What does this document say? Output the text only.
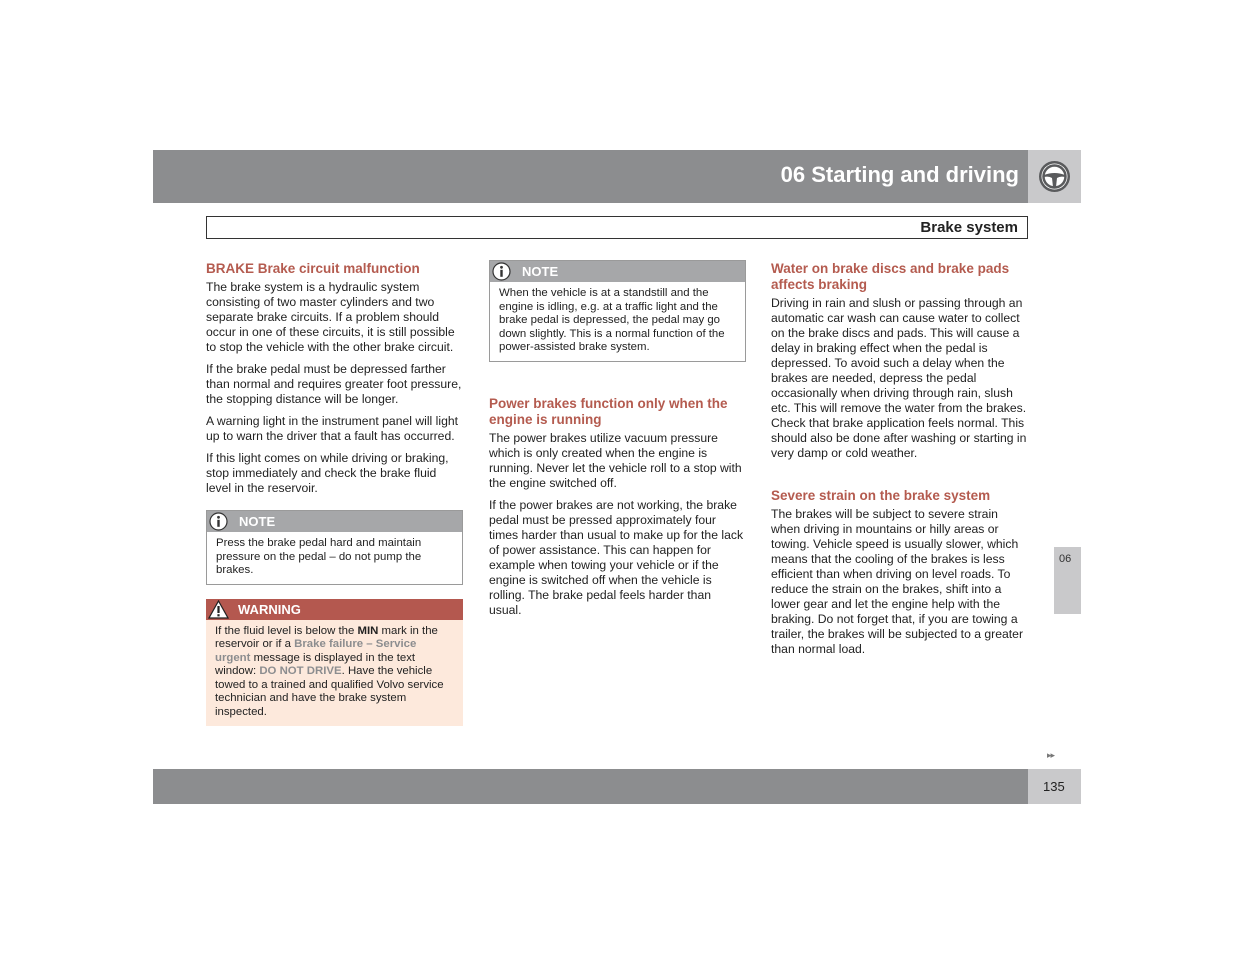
06 Starting and driving
Brake system
BRAKE Brake circuit malfunction

The brake system is a hydraulic system consisting of two master cylinders and two separate brake circuits. If a problem should occur in one of these circuits, it is still possible to stop the vehicle with the other brake circuit.

If the brake pedal must be depressed farther than normal and requires greater foot pressure, the stopping distance will be longer.

A warning light in the instrument panel will light up to warn the driver that a fault has occurred.

If this light comes on while driving or braking, stop immediately and check the brake fluid level in the reservoir.

NOTE

Press the brake pedal hard and maintain pressure on the pedal – do not pump the brakes.

WARNING

If the fluid level is below the MIN mark in the reservoir or if a Brake failure – Service urgent message is displayed in the text window: DO NOT DRIVE. Have the vehicle towed to a trained and qualified Volvo service technician and have the brake system inspected.

NOTE

When the vehicle is at a standstill and the engine is idling, e.g. at a traffic light and the brake pedal is depressed, the pedal may go down slightly. This is a normal function of the power-assisted brake system.

Power brakes function only when the engine is running

The power brakes utilize vacuum pressure which is only created when the engine is running. Never let the vehicle roll to a stop with the engine switched off.

If the power brakes are not working, the brake pedal must be pressed approximately four times harder than usual to make up for the lack of power assistance. This can happen for example when towing your vehicle or if the engine is switched off when the vehicle is rolling. The brake pedal feels harder than usual.

Water on brake discs and brake pads affects braking

Driving in rain and slush or passing through an automatic car wash can cause water to collect on the brake discs and pads. This will cause a delay in braking effect when the pedal is depressed. To avoid such a delay when the brakes are needed, depress the pedal occasionally when driving through rain, slush etc. This will remove the water from the brakes. Check that brake application feels normal. This should also be done after washing or starting in very damp or cold weather.

Severe strain on the brake system

The brakes will be subject to severe strain when driving in mountains or hilly areas or towing. Vehicle speed is usually slower, which means that the cooling of the brakes is less efficient than when driving on level roads. To reduce the strain on the brakes, shift into a lower gear and let the engine help with the braking. Do not forget that, if you are towing a trailer, the brakes will be subjected to a greater than normal load.

06
▸▸
135
